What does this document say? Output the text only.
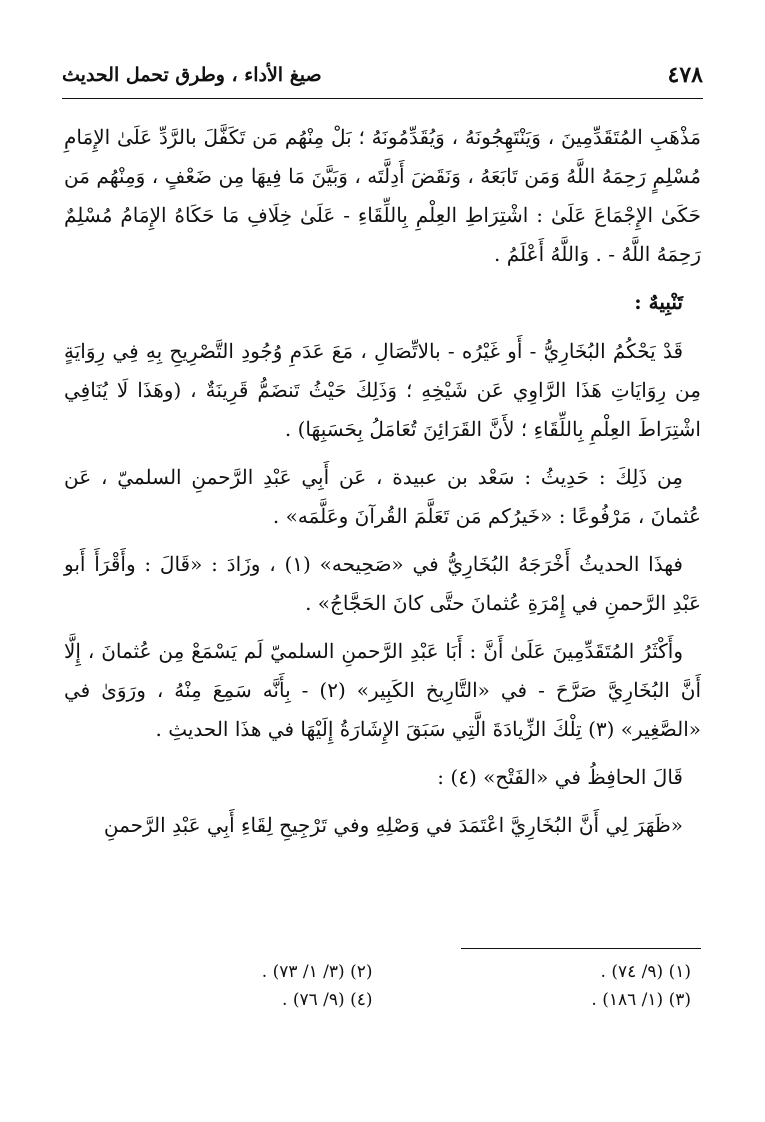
٤٧٨
صيغ الأداء ، وطرق تحمل الحديث

مَذْهَبِ المُتَقَدِّمِينَ ، وَيَنْتَهِجُونَهُ ، وَيُقَدِّمُونَهُ ؛ بَلْ مِنْهُم مَن تَكَفَّلَ بالرَّدِّ عَلَىٰ الإِمَامِ مُسْلِمٍ رَحِمَهُ اللَّهُ وَمَن تَابَعَهُ ، وَنَقَضَ أَدِلَّتَه ، وَبَيَّنَ مَا فِيهَا مِن ضَعْفٍ ، وَمِنْهُم مَن حَكَىٰ الإِجْمَاعَ عَلَىٰ : اشْتِرَاطِ العِلْمِ بِاللِّقَاءِ - عَلَىٰ خِلَافِ مَا حَكَاهُ الإِمَامُ مُسْلِمٌ رَحِمَهُ اللَّهُ - . وَاللَّهُ أَعْلَمُ .

تَنْبِيهٌ :

قَدْ يَحْكُمُ البُخَارِيُّ - أَو غَيْرُه - بالاتِّصَالِ ، مَعَ عَدَمِ وُجُودِ التَّصْرِيحِ بِهِ فِي رِوَايَةٍ مِن رِوَايَاتِ هَذَا الرَّاوِي عَن شَيْخِهِ ؛ وَذَلِكَ حَيْثُ تَنضَمُّ قَرِينَةٌ ، (وهَذَا لَا يُنَافِي اشْتِرَاطَ العِلْمِ بِاللِّقَاءِ ؛ لأَنَّ القَرَائِنَ تُعَامَلُ بِحَسَبِهَا) .

مِن ذَلِكَ : حَدِيثُ : سَعْد بن عبيدة ، عَن أَبِي عَبْدِ الرَّحمنِ السلميّ ، عَن عُثمانَ ، مَرْفُوعًا : «خَيرُكم مَن تَعَلَّمَ القُرآنَ وعَلَّمَه» .

فهذَا الحديثُ أَخْرَجَهُ البُخَارِيُّ في «صَحِيحه» (١) ، وزَادَ : «قَالَ : وأَقْرَأَ أَبو عَبْدِ الرَّحمنِ في إِمْرَةِ عُثمانَ حتَّى كانَ الحَجَّاجُ» .

وأَكْثَرُ المُتَقَدِّمِينَ عَلَىٰ أَنَّ : أَبَا عَبْدِ الرَّحمنِ السلميّ لَم يَسْمَعْ مِن عُثمانَ ، إِلَّا أَنَّ البُخَارِيَّ صَرَّحَ - في «التَّارِيخ الكَبِير» (٢) - بِأَنَّه سَمِعَ مِنْهُ ، ورَوَىٰ في «الصَّغِير» (٣) تِلْكَ الزِّيادَةَ الَّتِي سَبَقَ الإِشَارَةُ إِلَيْهَا في هذَا الحديثِ .

قَالَ الحافِظُ في «الفَتْح» (٤) :

«ظَهَرَ لِي أَنَّ البُخَارِيَّ اعْتَمَدَ في وَصْلِهِ وفي تَرْجِيحِ لِقَاءِ أَبِي عَبْدِ الرَّحمنِ

(١) (٩/ ٧٤) .
(٢) (٣/ ١/ ٧٣) .
(٣) (١/ ١٨٦) .
(٤) (٩/ ٧٦) .
